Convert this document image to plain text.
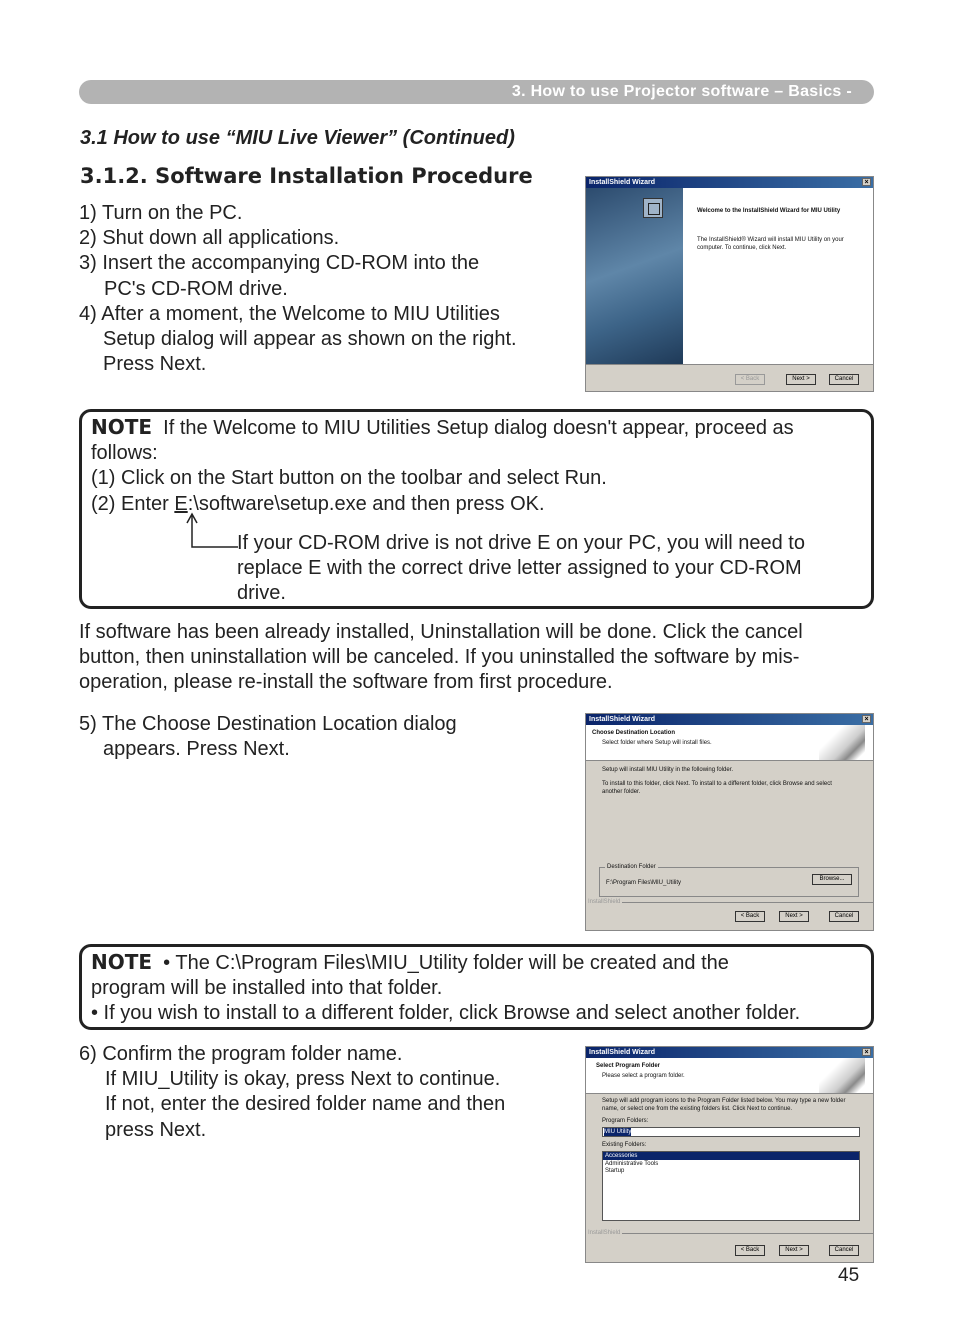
3. How to use Projector software – Basics -
3.1 How to use “MIU Live Viewer” (Continued)
3.1.2. Software Installation Procedure
1) Turn on the PC.
2) Shut down all applications.
3) Insert the accompanying CD-ROM into the
PC's CD-ROM drive.
4) After a moment, the Welcome to MIU Utilities
Setup dialog will appear as shown on the right.
Press Next.
InstallShield Wizard	×
Welcome to the InstallShield Wizard for MIU Utility
The InstallShield® Wizard will install MIU Utility on your computer. To continue, click Next.
< Back	Next >	Cancel
NOTE If the Welcome to MIU Utilities Setup dialog doesn't appear, proceed as
follows:
(1) Click on the Start button on the toolbar and select Run.
(2) Enter E:\software\setup.exe and then press OK.
If your CD-ROM drive is not drive E on your PC, you will need to
replace E with the correct drive letter assigned to your CD-ROM
drive.
If software has been already installed, Uninstallation will be done. Click the cancel
button, then uninstallation will be canceled. If you uninstalled the software by mis-
operation, please re-install the software from first procedure.
5) The Choose Destination Location dialog
appears. Press Next.
InstallShield Wizard	×
Choose Destination Location
Select folder where Setup will install files.
Setup will install MIU Utility in the following folder.
To install to this folder, click Next. To install to a different folder, click Browse and select another folder.
Destination Folder
F:\Program Files\MIU_Utility
Browse...
InstallShield
< Back	Next >	Cancel
NOTE • The C:\Program Files\MIU_Utility folder will be created and the
program will be installed into that folder.
• If you wish to install to a different folder, click Browse and select another folder.
6) Confirm the program folder name.
If MIU_Utility is okay, press Next to continue.
If not, enter the desired folder name and then
press Next.
InstallShield Wizard	×
Select Program Folder
Please select a program folder.
Setup will add program icons to the Program Folder listed below. You may type a new folder name, or select one from the existing folders list. Click Next to continue.
Program Folders:
MIU Utility
Existing Folders:
Accessories
Administrative Tools
Startup
InstallShield
< Back	Next >	Cancel
45
